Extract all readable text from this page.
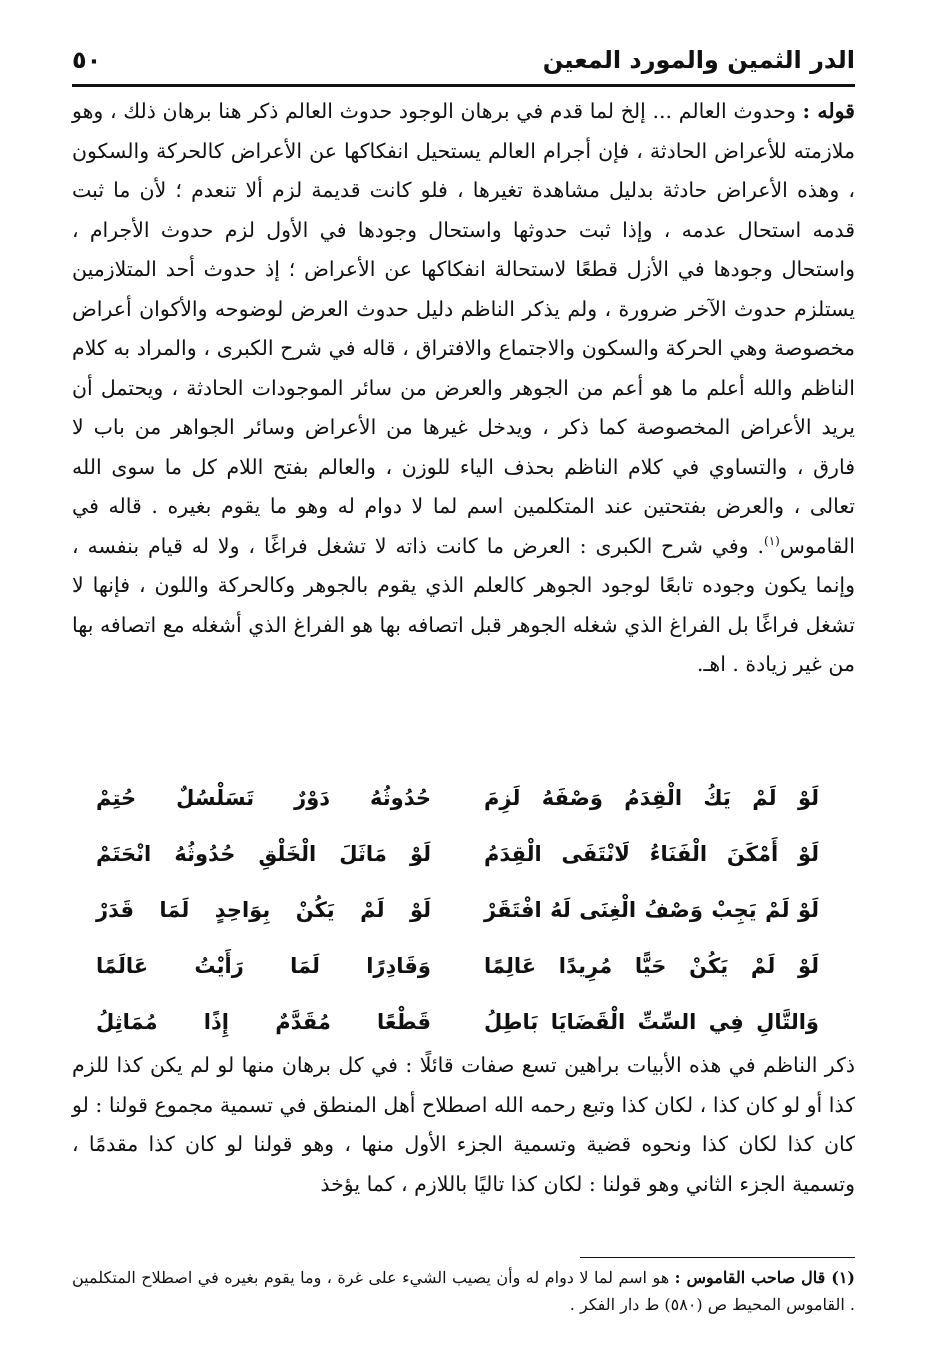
الدر الثمين والمورد المعين
٥٠

قوله : وحدوث العالم ... إلخ لما قدم في برهان الوجود حدوث العالم ذكر هنا برهان ذلك ، وهو ملازمته للأعراض الحادثة ، فإن أجرام العالم يستحيل انفكاكها عن الأعراض كالحركة والسكون ، وهذه الأعراض حادثة بدليل مشاهدة تغيرها ، فلو كانت قديمة لزم ألا تنعدم ؛ لأن ما ثبت قدمه استحال عدمه ، وإذا ثبت حدوثها واستحال وجودها في الأول لزم حدوث الأجرام ، واستحال وجودها في الأزل قطعًا لاستحالة انفكاكها عن الأعراض ؛ إذ حدوث أحد المتلازمين يستلزم حدوث الآخر ضرورة ، ولم يذكر الناظم دليل حدوث العرض لوضوحه والأكوان أعراض مخصوصة وهي الحركة والسكون والاجتماع والافتراق ، قاله في شرح الكبرى ، والمراد به كلام الناظم والله أعلم ما هو أعم من الجوهر والعرض من سائر الموجودات الحادثة ، ويحتمل أن يريد الأعراض المخصوصة كما ذكر ، ويدخل غيرها من الأعراض وسائر الجواهر من باب لا فارق ، والتساوي في كلام الناظم بحذف الياء للوزن ، والعالم بفتح اللام كل ما سوى الله تعالى ، والعرض بفتحتين عند المتكلمين اسم لما لا دوام له وهو ما يقوم بغيره . قاله في القاموس$^{(١)}$. وفي شرح الكبرى : العرض ما كانت ذاته لا تشغل فراغًا ، ولا له قيام بنفسه ، وإنما يكون وجوده تابعًا لوجود الجوهر كالعلم الذي يقوم بالجوهر وكالحركة واللون ، فإنها لا تشغل فراغًا بل الفراغ الذي شغله الجوهر قبل اتصافه بها هو الفراغ الذي أشغله مع اتصافه بها من غير زيادة . اهـ.

لَوْ لَمْ يَكُ الْقِدَمُ وَصْفَهُ لَزِمَ
حُدُوثُهُ دَوْرٌ تَسَلْسُلٌ حُتِمْ
لَوْ أَمْكَنَ الْفَنَاءُ لَانْتَفَى الْقِدَمُ
لَوْ مَاثَلَ الْخَلْقِ حُدُوثُهُ انْحَتَمْ
لَوْ لَمْ يَجِبْ وَصْفُ الْغِنَى لَهُ افْتَقَرْ
لَوْ لَمْ يَكُنْ بِوَاحِدٍ لَمَا قَدَرْ
لَوْ لَمْ يَكُنْ حَيًّا مُرِيدًا عَالِمًا
وَقَادِرًا لَمَا رَأَيْتُ عَالَمًا
وَالتَّالِ فِي السِّتِّ الْقَضَايَا بَاطِلُ
قَطْعًا مُقَدَّمٌ إِذًا مُمَاثِلُ

ذكر الناظم في هذه الأبيات براهين تسع صفات قائلًا : في كل برهان منها لو لم يكن كذا للزم كذا أو لو كان كذا ، لكان كذا وتبع رحمه الله اصطلاح أهل المنطق في تسمية مجموع قولنا : لو كان كذا لكان كذا ونحوه قضية وتسمية الجزء الأول منها ، وهو قولنا لو كان كذا مقدمًا ، وتسمية الجزء الثاني وهو قولنا : لكان كذا تاليًا باللازم ، كما يؤخذ

(١) قال صاحب القاموس : هو اسم لما لا دوام له وأن يصيب الشيء على غرة ، وما يقوم بغيره في اصطلاح المتكلمين . القاموس المحيط ص (٥٨٠) ط دار الفكر .
